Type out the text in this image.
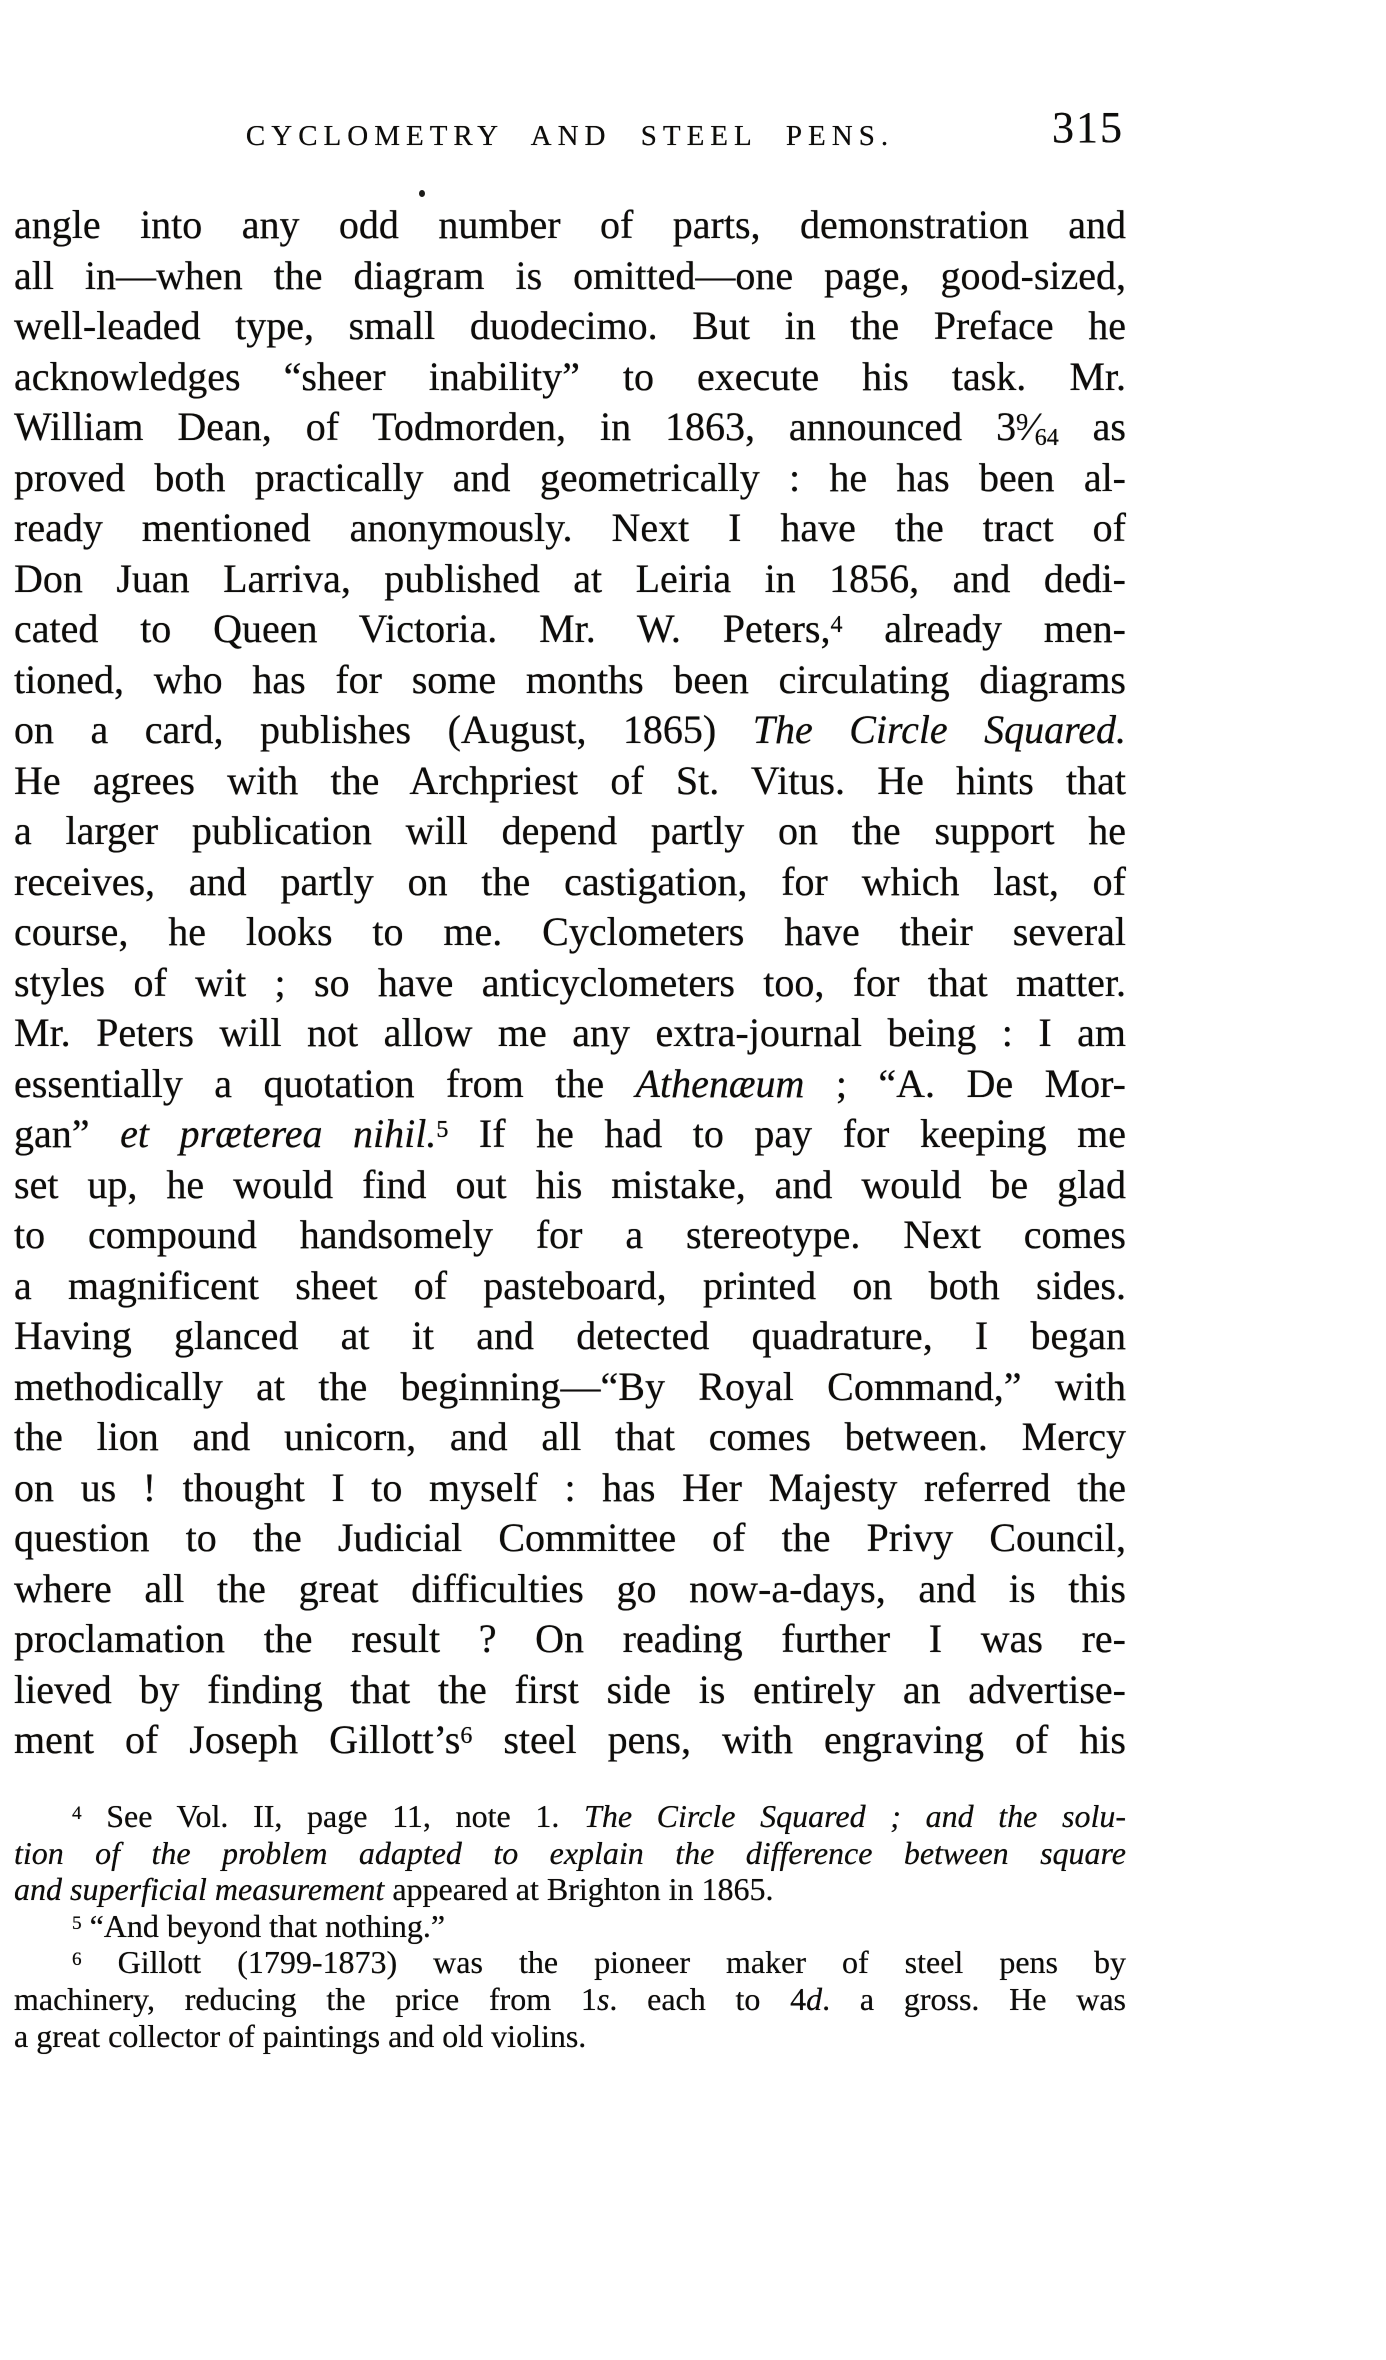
CYCLOMETRY AND STEEL PENS.	315
angle into any odd number of parts, demonstration and
all in—when the diagram is omitted—one page, good-sized,
well-leaded type, small duodecimo. But in the Preface he
acknowledges “sheer inability” to execute his task. Mr.
William Dean, of Todmorden, in 1863, announced $3^9⁄_{64}$ as
proved both practically and geometrically : he has been al-
ready mentioned anonymously. Next I have the tract of
Don Juan Larriva, published at Leiria in 1856, and dedi-
cated to Queen Victoria. Mr. W. Peters,$^4$ already men-
tioned, who has for some months been circulating diagrams
on a card, publishes (August, 1865) The Circle Squared.
He agrees with the Archpriest of St. Vitus. He hints that
a larger publication will depend partly on the support he
receives, and partly on the castigation, for which last, of
course, he looks to me. Cyclometers have their several
styles of wit ; so have anticyclometers too, for that matter.
Mr. Peters will not allow me any extra-journal being : I am
essentially a quotation from the Athenæum ; “A. De Mor-
gan” et præterea nihil.$^5$ If he had to pay for keeping me
set up, he would find out his mistake, and would be glad
to compound handsomely for a stereotype. Next comes
a magnificent sheet of pasteboard, printed on both sides.
Having glanced at it and detected quadrature, I began
methodically at the beginning—“By Royal Command,” with
the lion and unicorn, and all that comes between. Mercy
on us ! thought I to myself : has Her Majesty referred the
question to the Judicial Committee of the Privy Council,
where all the great difficulties go now-a-days, and is this
proclamation the result ? On reading further I was re-
lieved by finding that the first side is entirely an advertise-
ment of Joseph $Gillott’s^6$ steel pens, with engraving of his
$^4$ See Vol. II, page 11, note 1. The Circle Squared ; and the solu-
tion of the problem adapted to explain the difference between square
and superficial measurement appeared at Brighton in 1865.
$^5$ “And beyond that nothing.”
$^6$ Gillott (1799-1873) was the pioneer maker of steel pens by
machinery, reducing the price from 1s. each to 4d. a gross. He was
a great collector of paintings and old violins.
